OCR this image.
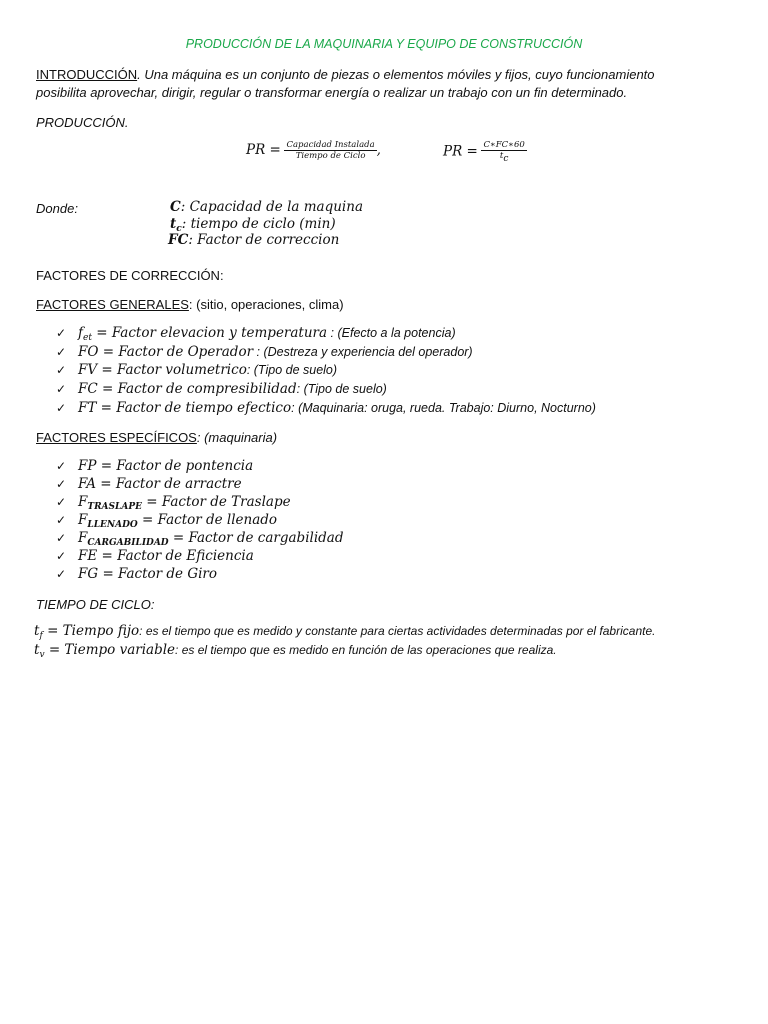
PRODUCCIÓN DE LA MAQUINARIA Y EQUIPO DE CONSTRUCCIÓN
INTRODUCCIÓN. Una máquina es un conjunto de piezas o elementos móviles y fijos, cuyo funcionamiento
posibilita aprovechar, dirigir, regular o transformar energía o realizar un trabajo con un fin determinado.
PRODUCCIÓN.
PR = $\frac{\text{Capacidad Instalada}}{\text{Tiempo de Ciclo}}$ ,	PR = $\frac{C∗FC∗60}{t_c}$
Donde:	C: Capacidad de la maquina
$t_c$: tiempo de ciclo (min)
FC: Factor de correccion
FACTORES DE CORRECCIÓN:
FACTORES GENERALES: (sitio, operaciones, clima)
✓ $f_{et}$ = Factor elevacion y temperatura : (Efecto a la potencia)
✓ FO = Factor de Operador : (Destreza y experiencia del operador)
✓ FV = Factor volumetrico: (Tipo de suelo)
✓ FC = Factor de compresibilidad: (Tipo de suelo)
✓ FT = Factor de tiempo efectico: (Maquinaria: oruga, rueda. Trabajo: Diurno, Nocturno)
FACTORES ESPECÍFICOS: (maquinaria)
✓ FP = Factor de pontencia
✓ FA = Factor de arractre
✓ $F_{TRASLAPE}$ = Factor de Traslape
✓ $F_{LLENADO}$ = Factor de llenado
✓ $F_{CARGABILIDAD}$ = Factor de cargabilidad
✓ FE = Factor de Eficiencia
✓ FG = Factor de Giro
TIEMPO DE CICLO:
$t_f$ = Tiempo fijo: es el tiempo que es medido y constante para ciertas actividades determinadas por el fabricante.
$t_v$ = Tiempo variable: es el tiempo que es medido en función de las operaciones que realiza.
